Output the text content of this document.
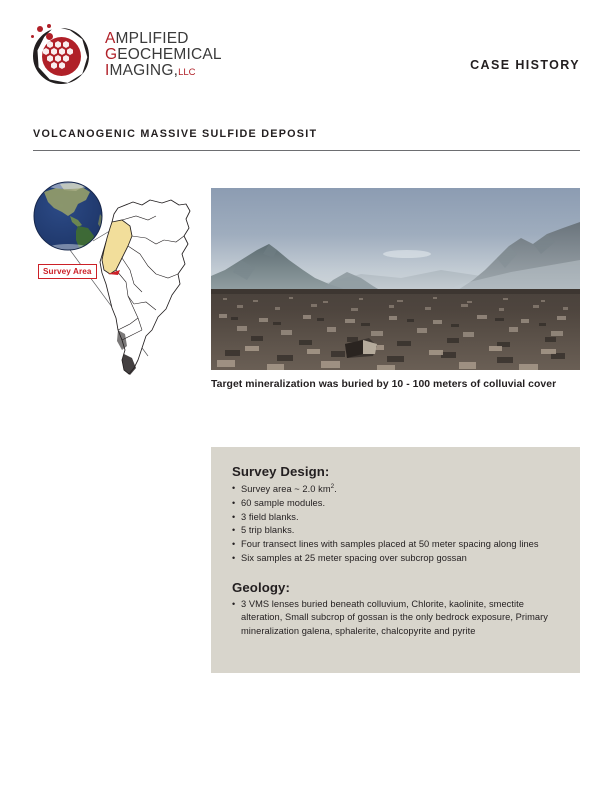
AMPLIFIED
GEOCHEMICAL
IMAGING,LLC
CASE HISTORY
VOLCANOGENIC MASSIVE SULFIDE DEPOSIT
Survey Area
Target mineralization was buried by 10 - 100 meters of colluvial cover
Survey Design:
• Survey area ~ 2.0 $km^2$.
• 60 sample modules.
• 3 field blanks.
• 5 trip blanks.
• Four transect lines with samples placed at 50 meter spacing along lines
• Six samples at 25 meter spacing over subcrop gossan
Geology:
• 3 VMS lenses buried beneath colluvium, Chlorite, kaolinite, smectite alteration, Small subcrop of gossan is the only bedrock exposure, Primary mineralization galena, sphalerite, chalcopyrite and pyrite
